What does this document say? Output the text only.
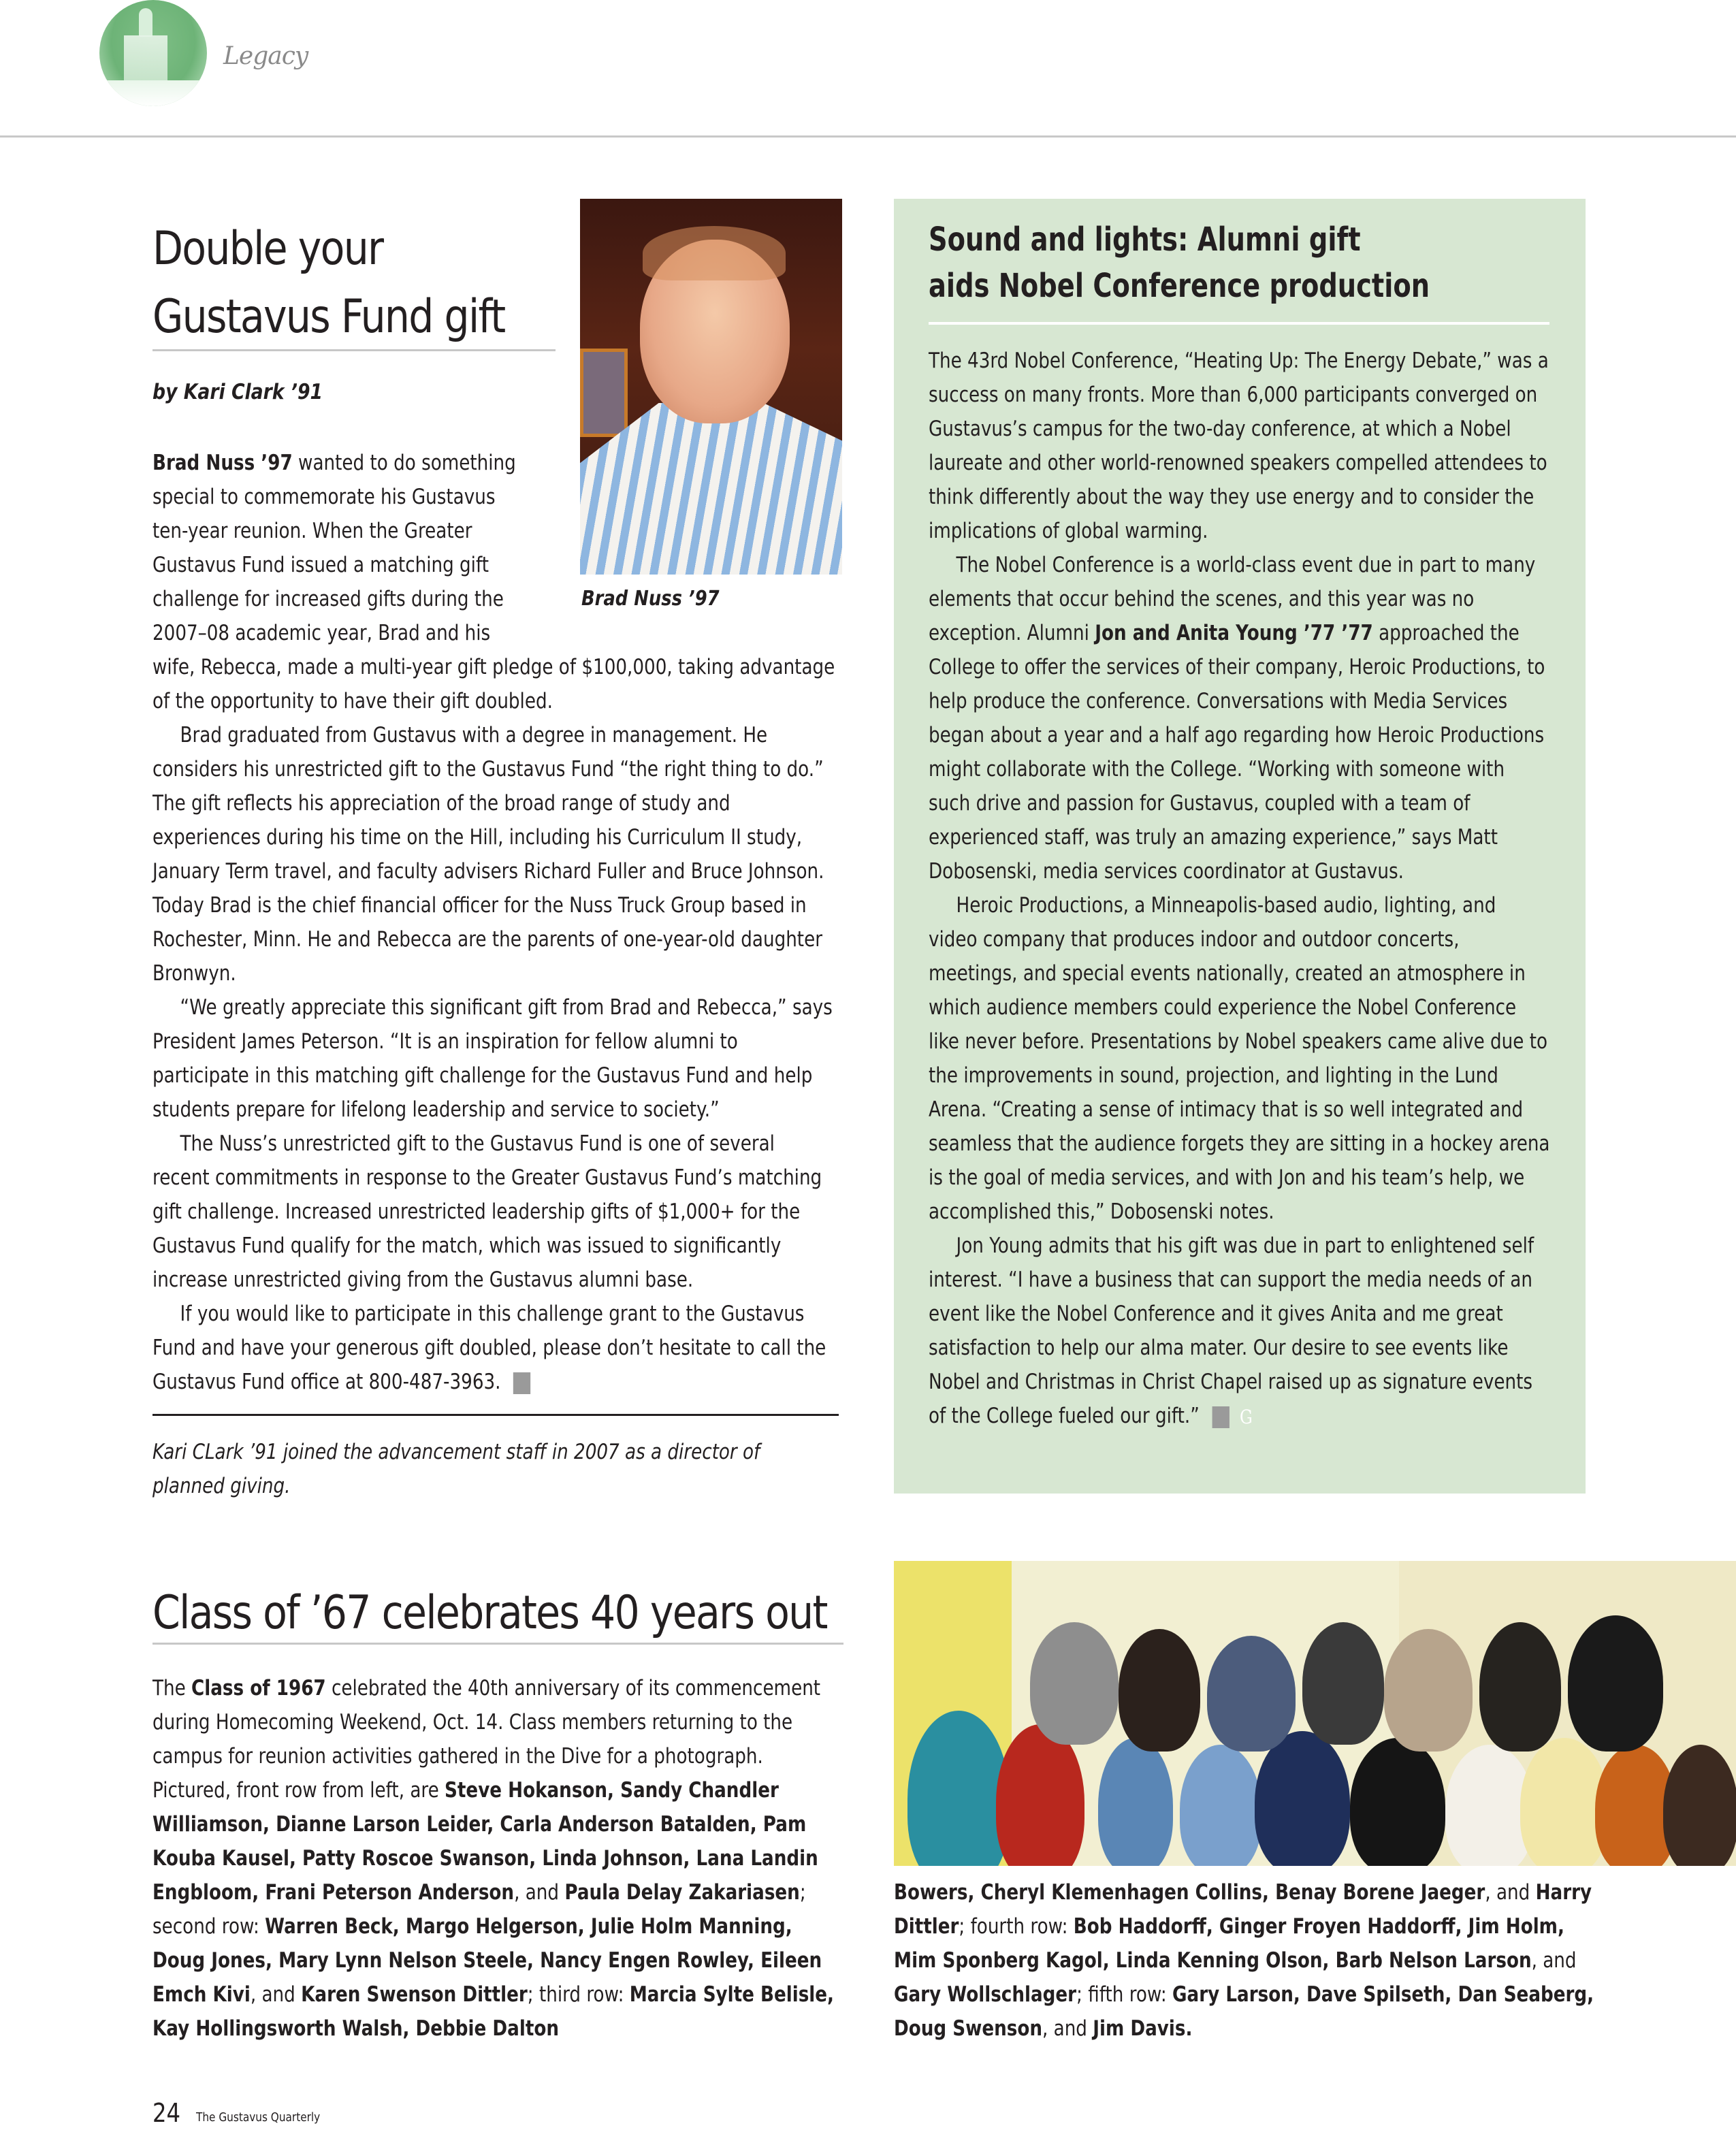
Legacy
Double your
Gustavus Fund gift
by Kari Clark ’91
Brad Nuss ’97 wanted to do something
special to commemorate his Gustavus
ten-year reunion. When the Greater
Gustavus Fund issued a matching gift
challenge for increased gifts during the
2007–08 academic year, Brad and his
Brad Nuss ’97

wife, Rebecca, made a multi-year gift pledge of $100,000, taking advantage of the opportunity to have their gift doubled.

Brad graduated from Gustavus with a degree in management. He considers his unrestricted gift to the Gustavus Fund “the right thing to do.” The gift reflects his appreciation of the broad range of study and experiences during his time on the Hill, including his Curriculum II study, January Term travel, and faculty advisers Richard Fuller and Bruce Johnson. Today Brad is the chief financial officer for the Nuss Truck Group based in Rochester, Minn. He and Rebecca are the parents of one-year-old daughter Bronwyn.

“We greatly appreciate this significant gift from Brad and Rebecca,” says President James Peterson. “It is an inspiration for fellow alumni to participate in this matching gift challenge for the Gustavus Fund and help students prepare for lifelong leadership and service to society.”

The Nuss’s unrestricted gift to the Gustavus Fund is one of several recent commitments in response to the Greater Gustavus Fund’s matching gift challenge. Increased unrestricted leadership gifts of $1,000+ for the Gustavus Fund qualify for the match, which was issued to significantly increase unrestricted giving from the Gustavus alumni base.

If you would like to participate in this challenge grant to the Gustavus Fund and have your generous gift doubled, please don’t hesitate to call the Gustavus Fund office at 800-487-3963. G

Kari CLark ’91 joined the advancement staff in 2007 as a director of planned giving.
Sound and lights: Alumni gift
aids Nobel Conference production

The 43rd Nobel Conference, “Heating Up: The Energy Debate,” was a success on many fronts. More than 6,000 participants converged on Gustavus’s campus for the two-day conference, at which a Nobel laureate and other world-renowned speakers compelled attendees to think differently about the way they use energy and to consider the implications of global warming.

The Nobel Conference is a world-class event due in part to many elements that occur behind the scenes, and this year was no exception. Alumni Jon and Anita Young ’77 ’77 approached the College to offer the services of their company, Heroic Productions, to help produce the conference. Conversations with Media Services began about a year and a half ago regarding how Heroic Productions might collaborate with the College. “Working with someone with such drive and passion for Gustavus, coupled with a team of experienced staff, was truly an amazing experience,” says Matt Dobosenski, media services coordinator at Gustavus.

Heroic Productions, a Minneapolis-based audio, lighting, and video company that produces indoor and outdoor concerts, meetings, and special events nationally, created an atmosphere in which audience members could experience the Nobel Conference like never before. Presentations by Nobel speakers came alive due to the improvements in sound, projection, and lighting in the Lund Arena. “Creating a sense of intimacy that is so well integrated and seamless that the audience forgets they are sitting in a hockey arena is the goal of media services, and with Jon and his team’s help, we accomplished this,” Dobosenski notes.

Jon Young admits that his gift was due in part to enlightened self interest. “I have a business that can support the media needs of an event like the Nobel Conference and it gives Anita and me great satisfaction to help our alma mater. Our desire to see events like Nobel and Christmas in Christ Chapel raised up as signature events of the College fueled our gift.” G

Class of ’67 celebrates 40 years out
The Class of 1967 celebrated the 40th anniversary of its commencement during Homecoming Weekend, Oct. 14. Class members returning to the campus for reunion activities gathered in the Dive for a photograph. Pictured, front row from left, are Steve Hokanson, Sandy Chandler Williamson, Dianne Larson Leider, Carla Anderson Batalden, Pam Kouba Kausel, Patty Roscoe Swanson, Linda Johnson, Lana Landin Engbloom, Frani Peterson Anderson, and Paula Delay Zakariasen; second row: Warren Beck, Margo Helgerson, Julie Holm Manning, Doug Jones, Mary Lynn Nelson Steele, Nancy Engen Rowley, Eileen Emch Kivi, and Karen Swenson Dittler; third row: Marcia Sylte Belisle, Kay Hollingsworth Walsh, Debbie Dalton
Bowers, Cheryl Klemenhagen Collins, Benay Borene Jaeger, and Harry Dittler; fourth row: Bob Haddorff, Ginger Froyen Haddorff, Jim Holm, Mim Sponberg Kagol, Linda Kenning Olson, Barb Nelson Larson, and Gary Wollschlager; fifth row: Gary Larson, Dave Spilseth, Dan Seaberg, Doug Swenson, and Jim Davis.
24 The Gustavus Quarterly
